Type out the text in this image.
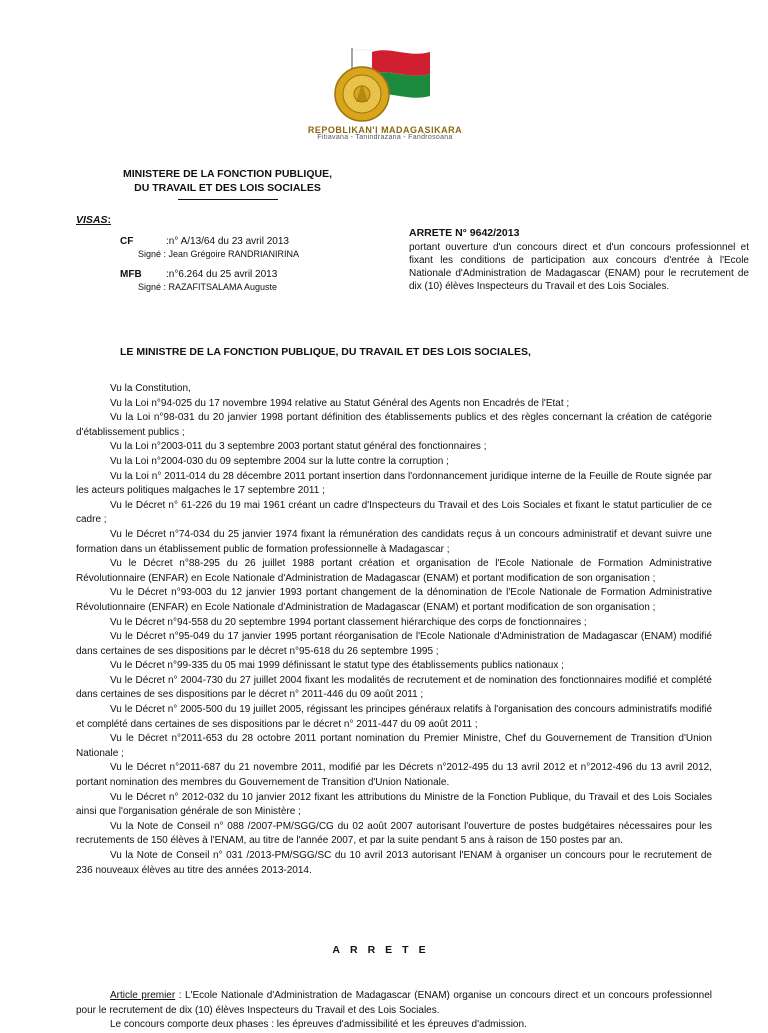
REPOBLIKAN'I MADAGASIKARA
Fitiavana - Tanindrazana - Fandrosoana
MINISTERE DE LA FONCTION PUBLIQUE,
DU TRAVAIL ET DES LOIS SOCIALES
VISAS:
CF	:n° A/13/64 du 23 avril 2013
Signé : Jean Grégoire RANDRIANIRINA
MFB :n°6.264 du 25 avril 2013
Signé : RAZAFITSALAMA Auguste
ARRETE N° 9642/2013
portant ouverture d'un concours direct et d'un concours professionnel et fixant les conditions de participation aux concours d'entrée à l'Ecole Nationale d'Administration de Madagascar (ENAM) pour le recrutement de dix (10) élèves Inspecteurs du Travail et des Lois Sociales.
LE MINISTRE DE LA FONCTION PUBLIQUE, DU TRAVAIL ET DES LOIS SOCIALES,

Vu la Constitution,

Vu la Loi n°94-025 du 17 novembre 1994 relative au Statut Général des Agents non Encadrés de l'Etat ;

Vu la Loi n°98-031 du 20 janvier 1998 portant définition des établissements publics et des règles concernant la création de catégorie d'établissement publics ;

Vu la Loi n°2003-011 du 3 septembre 2003 portant statut général des fonctionnaires ;

Vu la Loi n°2004-030 du 09 septembre 2004 sur la lutte contre la corruption ;

Vu la Loi n° 2011-014 du 28 décembre 2011 portant insertion dans l'ordonnancement juridique interne de la Feuille de Route signée par les acteurs politiques malgaches le 17 septembre 2011 ;

Vu le Décret n° 61-226 du 19 mai 1961 créant un cadre d'Inspecteurs du Travail et des Lois Sociales et fixant le statut particulier de ce cadre ;

Vu le Décret n°74-034 du 25 janvier 1974 fixant la rémunération des candidats reçus à un concours administratif et devant suivre une formation dans un établissement public de formation professionnelle à Madagascar ;

Vu le Décret n°88-295 du 26 juillet 1988 portant création et organisation de l'Ecole Nationale de Formation Administrative Révolutionnaire (ENFAR) en Ecole Nationale d'Administration de Madagascar (ENAM) et portant modification de son organisation ;

Vu le Décret n°93-003 du 12 janvier 1993 portant changement de la dénomination de l'Ecole Nationale de Formation Administrative Révolutionnaire (ENFAR) en Ecole Nationale d'Administration de Madagascar (ENAM) et portant modification de son organisation ;

Vu le Décret n°94-558 du 20 septembre 1994 portant classement hiérarchique des corps de fonctionnaires ;

Vu le Décret n°95-049 du 17 janvier 1995 portant réorganisation de l'Ecole Nationale d'Administration de Madagascar (ENAM) modifié dans certaines de ses dispositions par le décret n°95-618 du 26 septembre 1995 ;

Vu le Décret n°99-335 du 05 mai 1999 définissant le statut type des établissements publics nationaux ;

Vu le Décret n° 2004-730 du 27 juillet 2004 fixant les modalités de recrutement et de nomination des fonctionnaires modifié et complété dans certaines de ses dispositions par le décret n° 2011-446 du 09 août 2011 ;

Vu le Décret n° 2005-500 du 19 juillet 2005, régissant les principes généraux relatifs à l'organisation des concours administratifs modifié et complété dans certaines de ses dispositions par le décret n° 2011-447 du 09 août 2011 ;

Vu le Décret n°2011-653 du 28 octobre 2011 portant nomination du Premier Ministre, Chef du Gouvernement de Transition d'Union Nationale ;

Vu le Décret n°2011-687 du 21 novembre 2011, modifié par les Décrets n°2012-495 du 13 avril 2012 et n°2012-496 du 13 avril 2012, portant nomination des membres du Gouvernement de Transition d'Union Nationale.

Vu le Décret n° 2012-032 du 10 janvier 2012 fixant les attributions du Ministre de la Fonction Publique, du Travail et des Lois Sociales ainsi que l'organisation générale de son Ministère ;

Vu la Note de Conseil n° 088 /2007-PM/SGG/CG du 02 août 2007 autorisant l'ouverture de postes budgétaires nécessaires pour les recrutements de 150 élèves à l'ENAM, au titre de l'année 2007, et par la suite pendant 5 ans à raison de 150 postes par an.

Vu la Note de Conseil n° 031 /2013-PM/SGG/SC du 10 avril 2013 autorisant l'ENAM à organiser un concours pour le recrutement de 236 nouveaux élèves au titre des années 2013-2014.

ARRETE

Article premier : L'Ecole Nationale d'Administration de Madagascar (ENAM) organise un concours direct et un concours professionnel pour le recrutement de dix (10) élèves Inspecteurs du Travail et des Lois Sociales.

Le concours comporte deux phases : les épreuves d'admissibilité et les épreuves d'admission.
